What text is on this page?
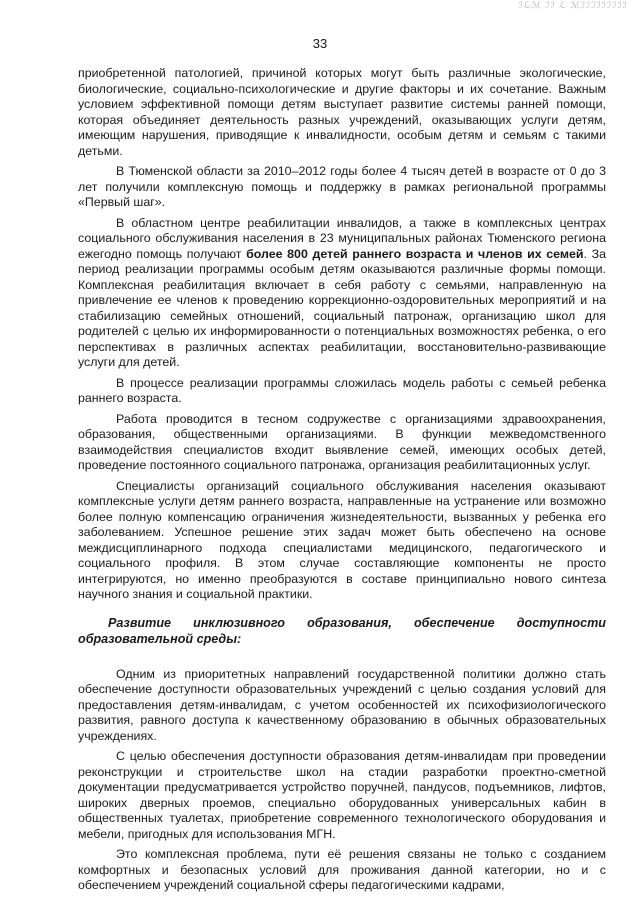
ℐℒℳ ℐℐ ℒ ℳℐℐℐℐℐℐℐℐℐ
33

приобретенной патологией, причиной которых могут быть различные экологические, биологические, социально-психологические и другие факторы и их сочетание. Важным условием эффективной помощи детям выступает развитие системы ранней помощи, которая объединяет деятельность разных учреждений, оказывающих услуги детям, имеющим нарушения, приводящие к инвалидности, особым детям и семьям с такими детьми.

В Тюменской области за 2010–2012 годы более 4 тысяч детей в возрасте от 0 до 3 лет получили комплексную помощь и поддержку в рамках региональной программы «Первый шаг».

В областном центре реабилитации инвалидов, а также в комплексных центрах социального обслуживания населения в 23 муниципальных районах Тюменского региона ежегодно помощь получают более 800 детей раннего возраста и членов их семей. За период реализации программы особым детям оказываются различные формы помощи. Комплексная реабилитация включает в себя работу с семьями, направленную на привлечение ее членов к проведению коррекционно-оздоровительных мероприятий и на стабилизацию семейных отношений, социальный патронаж, организацию школ для родителей с целью их информированности о потенциальных возможностях ребенка, о его перспективах в различных аспектах реабилитации, восстановительно-развивающие услуги для детей.

В процессе реализации программы сложилась модель работы с семьей ребенка раннего возраста.

Работа проводится в тесном содружестве с организациями здравоохранения, образования, общественными организациями. В функции межведомственного взаимодействия специалистов входит выявление семей, имеющих особых детей, проведение постоянного социального патронажа, организация реабилитационных услуг.

Специалисты организаций социального обслуживания населения оказывают комплексные услуги детям раннего возраста, направленные на устранение или возможно более полную компенсацию ограничения жизнедеятельности, вызванных у ребенка его заболеванием. Успешное решение этих задач может быть обеспечено на основе междисциплинарного подхода специалистами медицинского, педагогического и социального профиля. В этом случае составляющие компоненты не просто интегрируются, но именно преобразуются в составе принципиально нового синтеза научного знания и социальной практики.

Развитие инклюзивного образования, обеспечение доступности образовательной среды:

Одним из приоритетных направлений государственной политики должно стать обеспечение доступности образовательных учреждений с целью создания условий для предоставления детям-инвалидам, с учетом особенностей их психофизиологического развития, равного доступа к качественному образованию в обычных образовательных учреждениях.

С целью обеспечения доступности образования детям-инвалидам при проведении реконструкции и строительстве школ на стадии разработки проектно-сметной документации предусматривается устройство поручней, пандусов, подъемников, лифтов, широких дверных проемов, специально оборудованных универсальных кабин в общественных туалетах, приобретение современного технологического оборудования и мебели, пригодных для использования МГН.

Это комплексная проблема, пути её решения связаны не только с созданием комфортных и безопасных условий для проживания данной категории, но и с обеспечением учреждений социальной сферы педагогическими кадрами,
